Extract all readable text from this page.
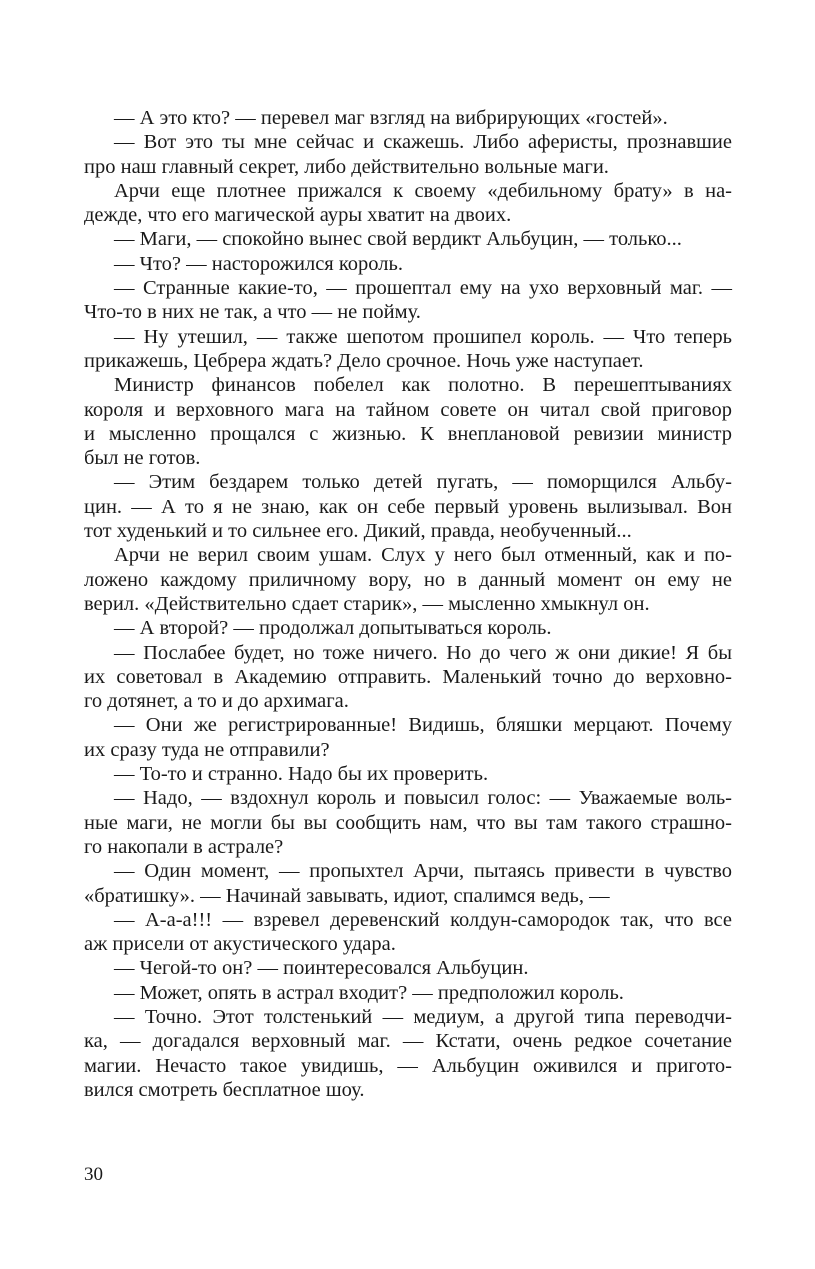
— А это кто? — перевел маг взгляд на вибрирующих «гостей».
— Вот это ты мне сейчас и скажешь. Либо аферисты, прознавшие
про наш главный секрет, либо действительно вольные маги.
Арчи еще плотнее прижался к своему «дебильному брату» в на-
дежде, что его магической ауры хватит на двоих.
— Маги, — спокойно вынес свой вердикт Альбуцин, — только...
— Что? — насторожился король.
— Странные какие-то, — прошептал ему на ухо верховный маг. —
Что-то в них не так, а что — не пойму.
— Ну утешил, — также шепотом прошипел король. — Что теперь
прикажешь, Цебрера ждать? Дело срочное. Ночь уже наступает.
Министр финансов побелел как полотно. В перешептываниях
короля и верховного мага на тайном совете он читал свой приговор
и мысленно прощался с жизнью. К внеплановой ревизии министр
был не готов.
— Этим бездарем только детей пугать, — поморщился Альбу-
цин. — А то я не знаю, как он себе первый уровень вылизывал. Вон
тот худенький и то сильнее его. Дикий, правда, необученный...
Арчи не верил своим ушам. Слух у него был отменный, как и по-
ложено каждому приличному вору, но в данный момент он ему не
верил. «Действительно сдает старик», — мысленно хмыкнул он.
— А второй? — продолжал допытываться король.
— Послабее будет, но тоже ничего. Но до чего ж они дикие! Я бы
их советовал в Академию отправить. Маленький точно до верховно-
го дотянет, а то и до архимага.
— Они же регистрированные! Видишь, бляшки мерцают. Почему
их сразу туда не отправили?
— То-то и странно. Надо бы их проверить.
— Надо, — вздохнул король и повысил голос: — Уважаемые воль-
ные маги, не могли бы вы сообщить нам, что вы там такого страшно-
го накопали в астрале?
— Один момент, — пропыхтел Арчи, пытаясь привести в чувство
«братишку». — Начинай завывать, идиот, спалимся ведь, —
— А-а-а!!! — взревел деревенский колдун-самородок так, что все
аж присели от акустического удара.
— Чегой-то он? — поинтересовался Альбуцин.
— Может, опять в астрал входит? — предположил король.
— Точно. Этот толстенький — медиум, а другой типа переводчи-
ка, — догадался верховный маг. — Кстати, очень редкое сочетание
магии. Нечасто такое увидишь, — Альбуцин оживился и пригото-
вился смотреть бесплатное шоу.
30
